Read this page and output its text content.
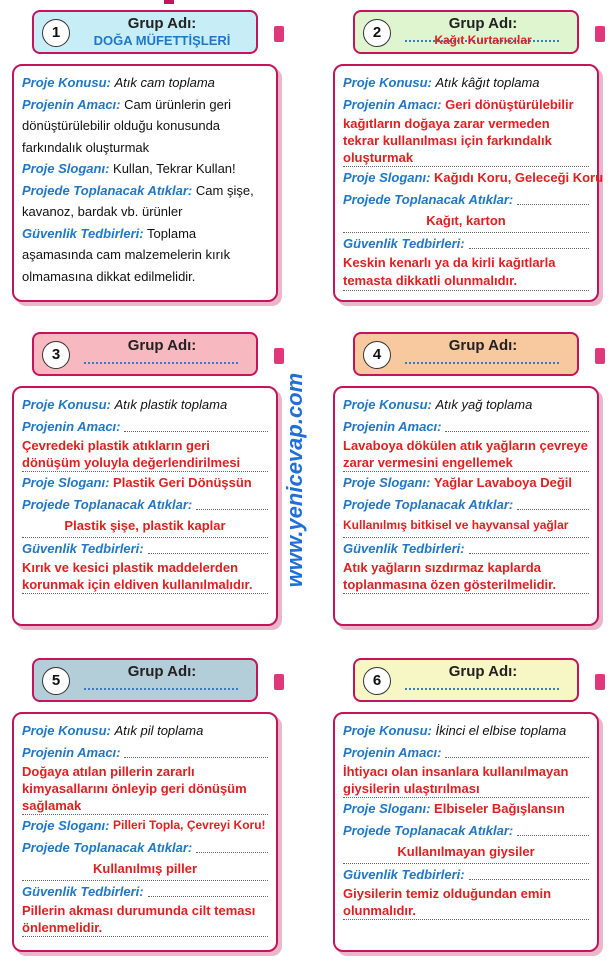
1
Grup Adı:
DOĞA MÜFETTİŞLERİ
Proje Konusu: Atık cam toplama
Projenin Amacı: Cam ürünlerin geri dönüştürülebilir olduğu konusunda farkındalık oluşturmak
Proje Sloganı: Kullan, Tekrar Kullan!
Projede Toplanacak Atıklar: Cam şişe, kavanoz, bardak vb. ürünler
Güvenlik Tedbirleri: Toplama aşamasında cam malzemelerin kırık olmamasına dikkat edilmelidir.
2
Grup Adı:
Kağıt Kurtarıcılar
Proje Konusu: Atık kâğıt toplama
Projenin Amacı: Geri dönüştürülebilir
kağıtların doğaya zarar vermeden tekrar kullanılması için farkındalık oluşturmak
Proje Sloganı: Kağıdı Koru, Geleceği Koru
Projede Toplanacak Atıklar:
Kağıt, karton
Güvenlik Tedbirleri:
Keskin kenarlı ya da kirli kağıtlarla temasta dikkatli olunmalıdır.
3
Grup Adı:
Proje Konusu: Atık plastik toplama
Projenin Amacı:
Çevredeki plastik atıkların geri dönüşüm yoluyla değerlendirilmesi
Proje Sloganı:
Plastik Geri Dönüşsün
Projede Toplanacak Atıklar:
Plastik şişe, plastik kaplar
Güvenlik Tedbirleri:
Kırık ve kesici plastik maddelerden korunmak için eldiven kullanılmalıdır.
4
Grup Adı:
Proje Konusu: Atık yağ toplama
Projenin Amacı:
Lavaboya dökülen atık yağların çevreye zarar vermesini engellemek
Proje Sloganı:
Yağlar Lavaboya Değil
Projede Toplanacak Atıklar:
Kullanılmış bitkisel ve hayvansal yağlar
Güvenlik Tedbirleri:
Atık yağların sızdırmaz kaplarda toplanmasına özen gösterilmelidir.
5
Grup Adı:
Proje Konusu: Atık pil toplama
Projenin Amacı:
Doğaya atılan pillerin zararlı kimyasallarını önleyip geri dönüşüm sağlamak
Proje Sloganı:
Pilleri Topla, Çevreyi Koru!
Projede Toplanacak Atıklar:
Kullanılmış piller
Güvenlik Tedbirleri:
Pillerin akması durumunda cilt teması önlenmelidir.
6
Grup Adı:
Proje Konusu: İkinci el elbise toplama
Projenin Amacı:
İhtiyacı olan insanlara kullanılmayan giysilerin ulaştırılması
Proje Sloganı:
Elbiseler Bağışlansın
Projede Toplanacak Atıklar:
Kullanılmayan giysiler
Güvenlik Tedbirleri:
Giysilerin temiz olduğundan emin olunmalıdır.
www.yenicevap.com
